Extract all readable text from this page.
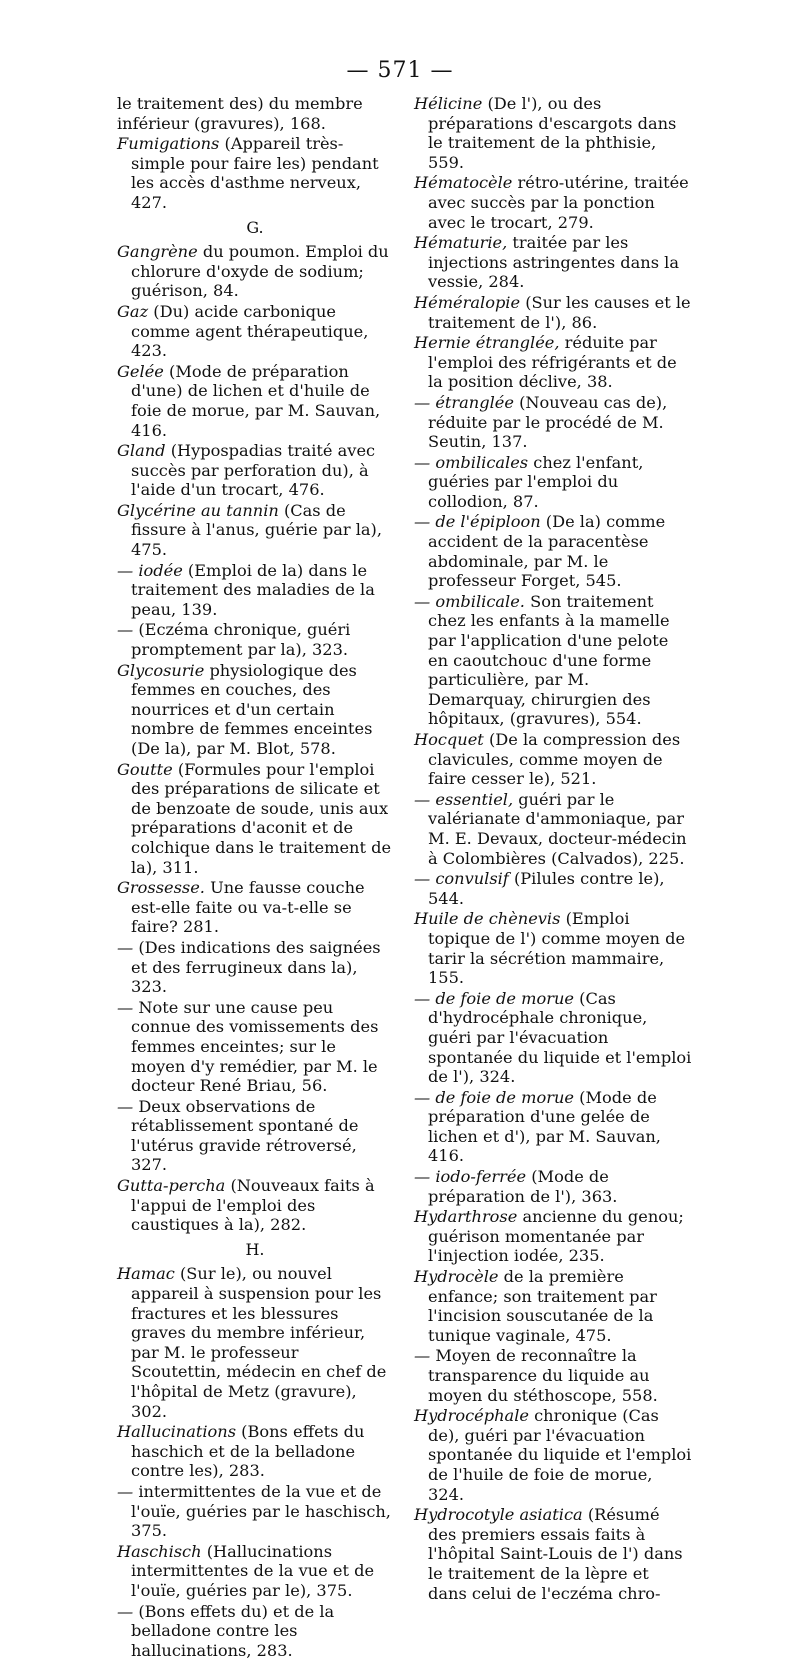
— 571 —
le traitement des) du membre inférieur (gravures), 168.
Fumigations (Appareil très-simple pour faire les) pendant les accès d'asthme nerveux, 427.
G.
Gangrène du poumon. Emploi du chlorure d'oxyde de sodium; guérison, 84.
Gaz (Du) acide carbonique comme agent thérapeutique, 423.
Gelée (Mode de préparation d'une) de lichen et d'huile de foie de morue, par M. Sauvan, 416.
Gland (Hypospadias traité avec succès par perforation du), à l'aide d'un trocart, 476.
Glycérine au tannin (Cas de fissure à l'anus, guérie par la), 475.
— iodée (Emploi de la) dans le traitement des maladies de la peau, 139.
— (Eczéma chronique, guéri promptement par la), 323.
Glycosurie physiologique des femmes en couches, des nourrices et d'un certain nombre de femmes enceintes (De la), par M. Blot, 578.
Goutte (Formules pour l'emploi des préparations de silicate et de benzoate de soude, unis aux préparations d'aconit et de colchique dans le traitement de la), 311.
Grossesse. Une fausse couche est-elle faite ou va-t-elle se faire? 281.
— (Des indications des saignées et des ferrugineux dans la), 323.
— Note sur une cause peu connue des vomissements des femmes enceintes; sur le moyen d'y remédier, par M. le docteur René Briau, 56.
— Deux observations de rétablissement spontané de l'utérus gravide rétroversé, 327.
Gutta-percha (Nouveaux faits à l'appui de l'emploi des caustiques à la), 282.
H.
Hamac (Sur le), ou nouvel appareil à suspension pour les fractures et les blessures graves du membre inférieur, par M. le professeur Scoutettin, médecin en chef de l'hôpital de Metz (gravure), 302.
Hallucinations (Bons effets du haschich et de la belladone contre les), 283.
— intermittentes de la vue et de l'ouïe, guéries par le haschisch, 375.
Haschisch (Hallucinations intermittentes de la vue et de l'ouïe, guéries par le), 375.
— (Bons effets du) et de la belladone contre les hallucinations, 283.
Hélicine (De l'), ou des préparations d'escargots dans le traitement de la phthisie, 559.
Hématocèle rétro-utérine, traitée avec succès par la ponction avec le trocart, 279.
Hématurie, traitée par les injections astringentes dans la vessie, 284.
Héméralopie (Sur les causes et le traitement de l'), 86.
Hernie étranglée, réduite par l'emploi des réfrigérants et de la position déclive, 38.
— étranglée (Nouveau cas de), réduite par le procédé de M. Seutin, 137.
— ombilicales chez l'enfant, guéries par l'emploi du collodion, 87.
— de l'épiploon (De la) comme accident de la paracentèse abdominale, par M. le professeur Forget, 545.
— ombilicale. Son traitement chez les enfants à la mamelle par l'application d'une pelote en caoutchouc d'une forme particulière, par M. Demarquay, chirurgien des hôpitaux, (gravures), 554.
Hocquet (De la compression des clavicules, comme moyen de faire cesser le), 521.
— essentiel, guéri par le valérianate d'ammoniaque, par M. E. Devaux, docteur-médecin à Colombières (Calvados), 225.
— convulsif (Pilules contre le), 544.
Huile de chènevis (Emploi topique de l') comme moyen de tarir la sécrétion mammaire, 155.
— de foie de morue (Cas d'hydrocéphale chronique, guéri par l'évacuation spontanée du liquide et l'emploi de l'), 324.
— de foie de morue (Mode de préparation d'une gelée de lichen et d'), par M. Sauvan, 416.
— iodo-ferrée (Mode de préparation de l'), 363.
Hydarthrose ancienne du genou; guérison momentanée par l'injection iodée, 235.
Hydrocèle de la première enfance; son traitement par l'incision souscutanée de la tunique vaginale, 475.
— Moyen de reconnaître la transparence du liquide au moyen du stéthoscope, 558.
Hydrocéphale chronique (Cas de), guéri par l'évacuation spontanée du liquide et l'emploi de l'huile de foie de morue, 324.
Hydrocotyle asiatica (Résumé des premiers essais faits à l'hôpital Saint-Louis de l') dans le traitement de la lèpre et dans celui de l'eczéma chro-
